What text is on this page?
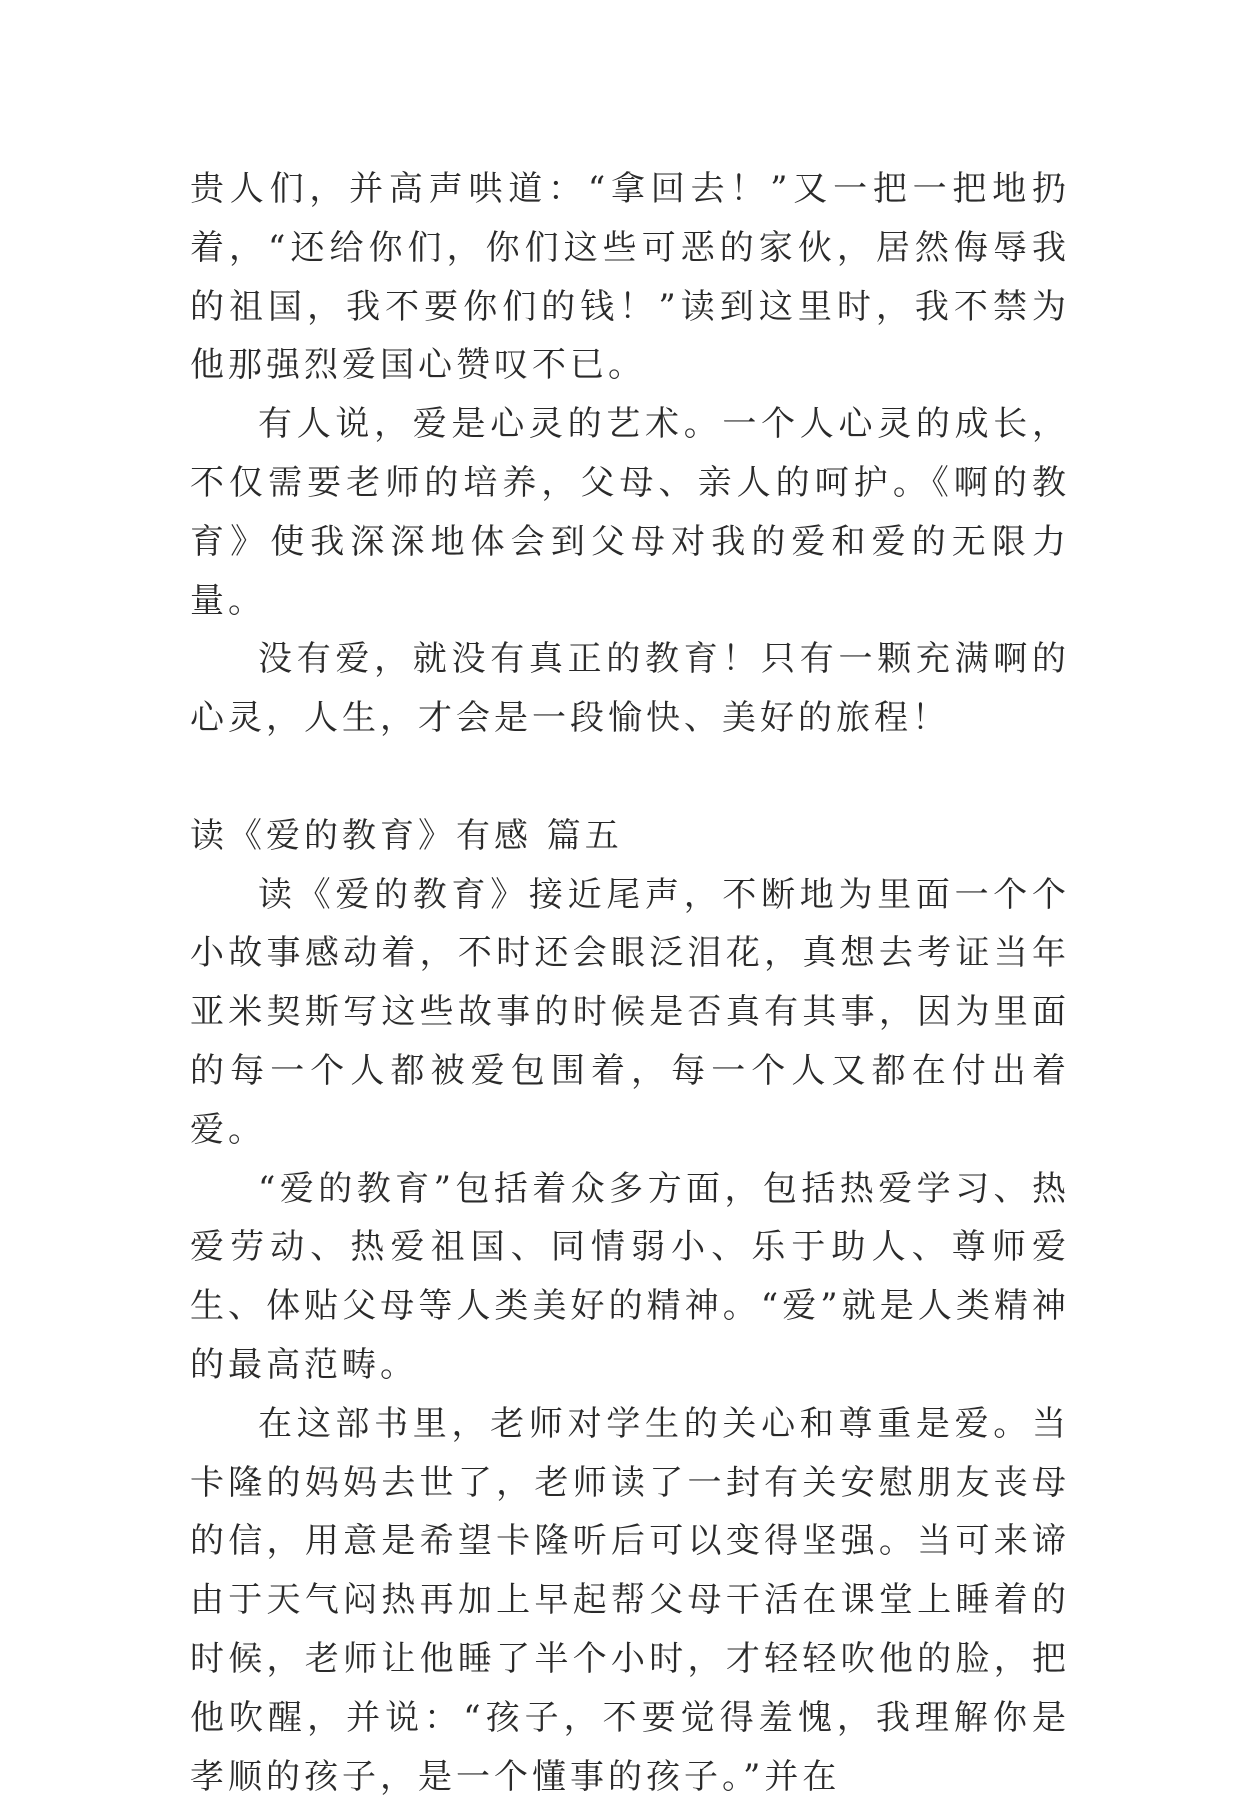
贵人们，并高声哄道：“拿回去！”又一把一把地扔着，“还给你们，你们这些可恶的家伙，居然侮辱我的祖国，我不要你们的钱！”读到这里时，我不禁为他那强烈爱国心赞叹不已。

有人说，爱是心灵的艺术。一个人心灵的成长，不仅需要老师的培养，父母、亲人的呵护。《啊的教育》使我深深地体会到父母对我的爱和爱的无限力量。

没有爱，就没有真正的教育！只有一颗充满啊的心灵，人生，才会是一段愉快、美好的旅程！

读《爱的教育》有感 篇五

读《爱的教育》接近尾声，不断地为里面一个个小故事感动着，不时还会眼泛泪花，真想去考证当年亚米契斯写这些故事的时候是否真有其事，因为里面的每一个人都被爱包围着，每一个人又都在付出着爱。

“爱的教育”包括着众多方面，包括热爱学习、热爱劳动、热爱祖国、同情弱小、乐于助人、尊师爱生、体贴父母等人类美好的精神。“爱”就是人类精神的最高范畴。

在这部书里，老师对学生的关心和尊重是爱。当卡隆的妈妈去世了，老师读了一封有关安慰朋友丧母的信，用意是希望卡隆听后可以变得坚强。当可来谛由于天气闷热再加上早起帮父母干活在课堂上睡着的时候，老师让他睡了半个小时，才轻轻吹他的脸，把他吹醒，并说：“孩子，不要觉得羞愧，我理解你是孝顺的孩子，是一个懂事的孩子。”并在
